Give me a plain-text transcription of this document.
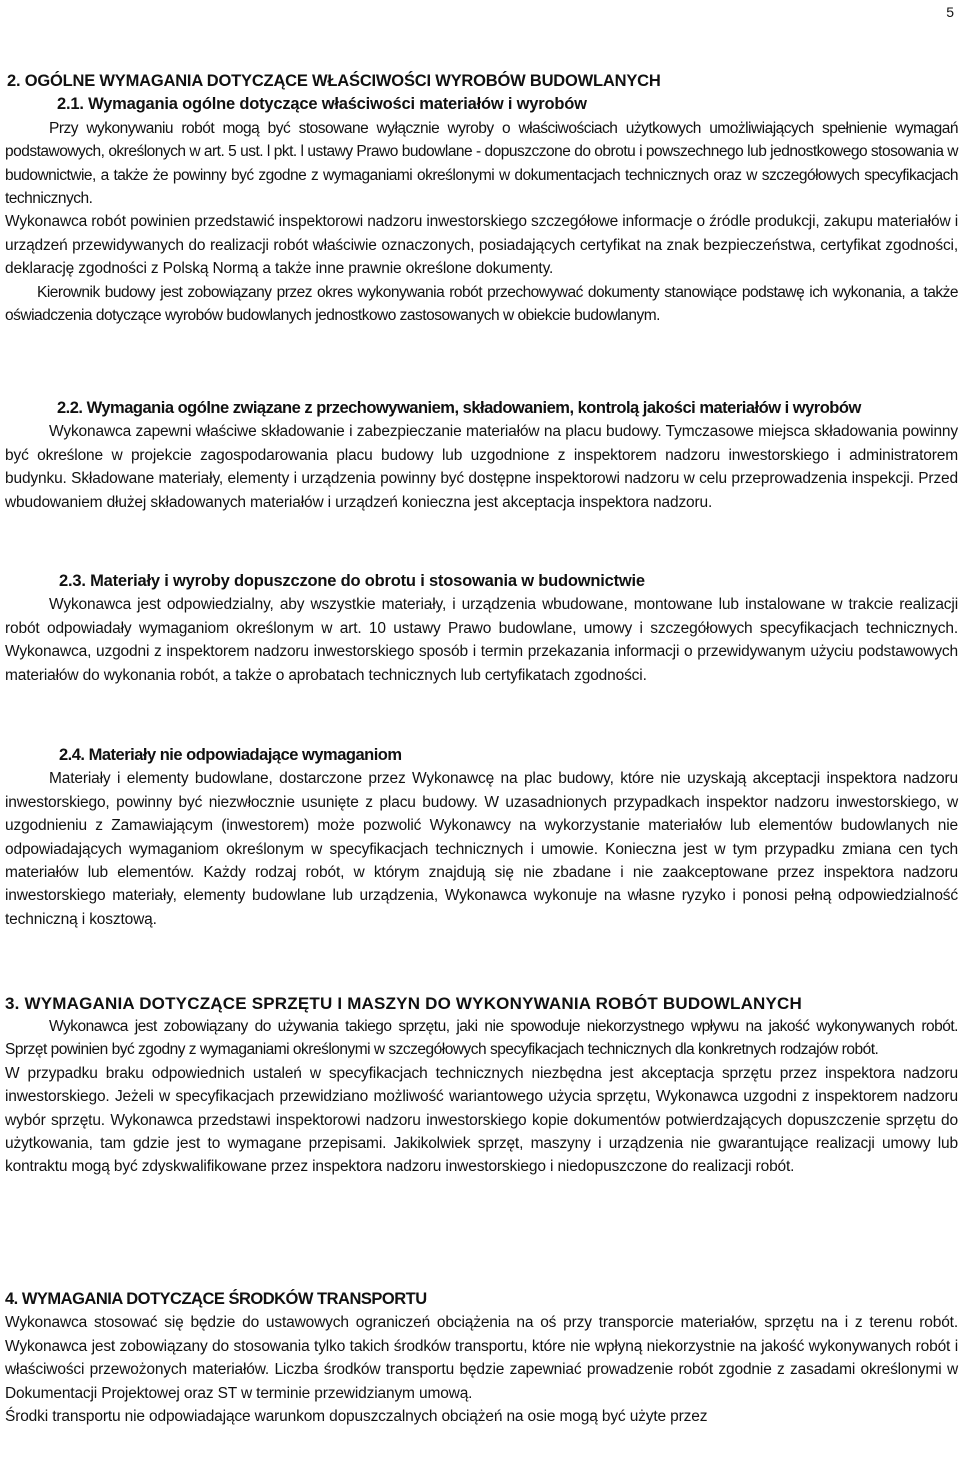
5
2. OGÓLNE WYMAGANIA DOTYCZĄCE WŁAŚCIWOŚCI WYROBÓW BUDOWLANYCH
2.1. Wymagania ogólne dotyczące właściwości materiałów i wyrobów

Przy wykonywaniu robót mogą być stosowane wyłącznie wyroby o właściwościach użytkowych umożliwiających spełnienie wymagań podstawowych, określonych w art. 5 ust. l pkt. l ustawy Prawo budowlane - dopuszczone do obrotu i powszechnego lub jednostkowego stosowania w budownictwie, a także że powinny być zgodne z wymaganiami określonymi w dokumentacjach technicznych oraz w szczegółowych specyfikacjach technicznych.

Wykonawca robót powinien przedstawić inspektorowi nadzoru inwestorskiego szczegółowe informacje o źródle produkcji, zakupu materiałów i urządzeń przewidywanych do realizacji robót właściwie oznaczonych, posiadających certyfikat na znak bezpieczeństwa, certyfikat zgodności, deklarację zgodności z Polską Normą a także inne prawnie określone dokumenty.

Kierownik budowy jest zobowiązany przez okres wykonywania robót przechowywać dokumenty stanowiące podstawę ich wykonania, a także oświadczenia dotyczące wyrobów budowlanych jednostkowo zastosowanych w obiekcie budowlanym.

2.2. Wymagania ogólne związane z przechowywaniem, składowaniem, kontrolą jakości materiałów i wyrobów

Wykonawca zapewni właściwe składowanie i zabezpieczanie materiałów na placu budowy. Tymczasowe miejsca składowania powinny być określone w projekcie zagospodarowania placu budowy lub uzgodnione z inspektorem nadzoru inwestorskiego i administratorem budynku. Składowane materiały, elementy i urządzenia powinny być dostępne inspektorowi nadzoru w celu przeprowadzenia inspekcji. Przed wbudowaniem dłużej składowanych materiałów i urządzeń konieczna jest akceptacja inspektora nadzoru.

2.3. Materiały i wyroby dopuszczone do obrotu i stosowania w budownictwie

Wykonawca jest odpowiedzialny, aby wszystkie materiały, i urządzenia wbudowane, montowane lub instalowane w trakcie realizacji robót odpowiadały wymaganiom określonym w art. 10 ustawy Prawo budowlane, umowy i szczegółowych specyfikacjach technicznych. Wykonawca, uzgodni z inspektorem nadzoru inwestorskiego sposób i termin przekazania informacji o przewidywanym użyciu podstawowych materiałów do wykonania robót, a także o aprobatach technicznych lub certyfikatach zgodności.

2.4. Materiały nie odpowiadające wymaganiom

Materiały i elementy budowlane, dostarczone przez Wykonawcę na plac budowy, które nie uzyskają akceptacji inspektora nadzoru inwestorskiego, powinny być niezwłocznie usunięte z placu budowy. W uzasadnionych przypadkach inspektor nadzoru inwestorskiego, w uzgodnieniu z Zamawiającym (inwestorem) może pozwolić Wykonawcy na wykorzystanie materiałów lub elementów budowlanych nie odpowiadających wymaganiom określonym w specyfikacjach technicznych i umowie. Konieczna jest w tym przypadku zmiana cen tych materiałów lub elementów. Każdy rodzaj robót, w którym znajdują się nie zbadane i nie zaakceptowane przez inspektora nadzoru inwestorskiego materiały, elementy budowlane lub urządzenia, Wykonawca wykonuje na własne ryzyko i ponosi pełną odpowiedzialność techniczną i kosztową.

3. WYMAGANIA DOTYCZĄCE SPRZĘTU I MASZYN DO WYKONYWANIA ROBÓT BUDOWLANYCH

Wykonawca jest zobowiązany do używania takiego sprzętu, jaki nie spowoduje niekorzystnego wpływu na jakość wykonywanych robót. Sprzęt powinien być zgodny z wymaganiami określonymi w szczegółowych specyfikacjach technicznych dla konkretnych rodzajów robót.

W przypadku braku odpowiednich ustaleń w specyfikacjach technicznych niezbędna jest akceptacja sprzętu przez inspektora nadzoru inwestorskiego. Jeżeli w specyfikacjach przewidziano możliwość wariantowego użycia sprzętu, Wykonawca uzgodni z inspektorem nadzoru wybór sprzętu. Wykonawca przedstawi inspektorowi nadzoru inwestorskiego kopie dokumentów potwierdzających dopuszczenie sprzętu do użytkowania, tam gdzie jest to wymagane przepisami. Jakikolwiek sprzęt, maszyny i urządzenia nie gwarantujące realizacji umowy lub kontraktu mogą być zdyskwalifikowane przez inspektora nadzoru inwestorskiego i niedopuszczone do realizacji robót.

4. WYMAGANIA DOTYCZĄCE ŚRODKÓW TRANSPORTU

Wykonawca stosować się będzie do ustawowych ograniczeń obciążenia na oś przy transporcie materiałów, sprzętu na i z terenu robót. Wykonawca jest zobowiązany do stosowania tylko takich środków transportu, które nie wpłyną niekorzystnie na jakość wykonywanych robót i właściwości przewożonych materiałów. Liczba środków transportu będzie zapewniać prowadzenie robót zgodnie z zasadami określonymi w Dokumentacji Projektowej oraz ST w terminie przewidzianym umową.

Środki transportu nie odpowiadające warunkom dopuszczalnych obciążeń na osie mogą być użyte przez
